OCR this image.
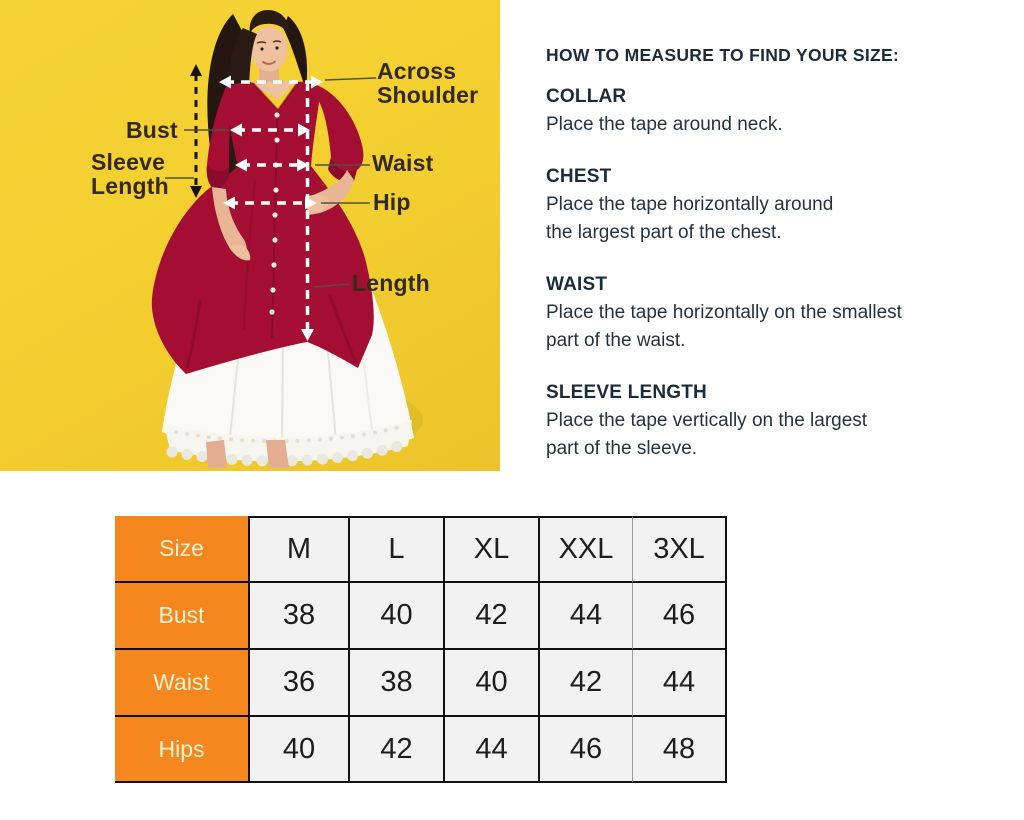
Across
Shoulder
Bust
Sleeve
Length
Waist
Hip
Length
HOW TO MEASURE TO FIND YOUR SIZE:
COLLAR
Place the tape around neck.
CHEST
Place the tape horizontally around
the largest part of the chest.
WAIST
Place the tape horizontally on the smallest
part of the waist.
SLEEVE LENGTH
Place the tape vertically on the largest
part of the sleeve.
Size	M	L	XL	XXL	3XL
Bust	38	40	42	44	46
Waist	36	38	40	42	44
Hips	40	42	44	46	48
